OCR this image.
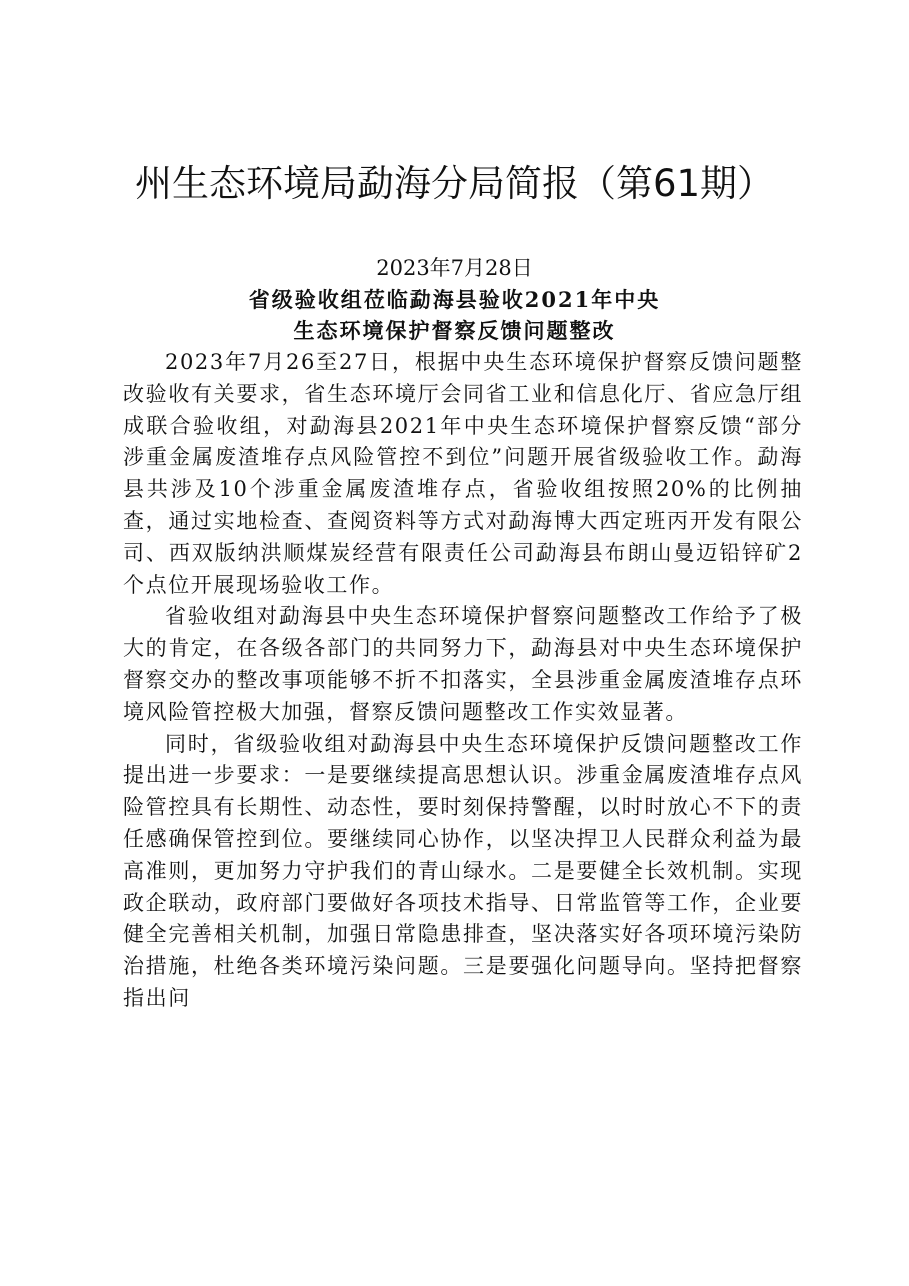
州生态环境局勐海分局简报（第61期）

2023年7月28日

省级验收组莅临勐海县验收2021年中央

生态环境保护督察反馈问题整改

2023年7月26至27日，根据中央生态环境保护督察反馈问题整改验收有关要求，省生态环境厅会同省工业和信息化厅、省应急厅组成联合验收组，对勐海县2021年中央生态环境保护督察反馈“部分涉重金属废渣堆存点风险管控不到位”问题开展省级验收工作。勐海县共涉及10个涉重金属废渣堆存点，省验收组按照20%的比例抽查，通过实地检查、查阅资料等方式对勐海博大西定班丙开发有限公司、西双版纳洪顺煤炭经营有限责任公司勐海县布朗山曼迈铅锌矿2个点位开展现场验收工作。

省验收组对勐海县中央生态环境保护督察问题整改工作给予了极大的肯定，在各级各部门的共同努力下，勐海县对中央生态环境保护督察交办的整改事项能够不折不扣落实，全县涉重金属废渣堆存点环境风险管控极大加强，督察反馈问题整改工作实效显著。

同时，省级验收组对勐海县中央生态环境保护反馈问题整改工作提出进一步要求：一是要继续提高思想认识。涉重金属废渣堆存点风险管控具有长期性、动态性，要时刻保持警醒，以时时放心不下的责任感确保管控到位。要继续同心协作，以坚决捍卫人民群众利益为最高准则，更加努力守护我们的青山绿水。二是要健全长效机制。实现政企联动，政府部门要做好各项技术指导、日常监管等工作，企业要健全完善相关机制，加强日常隐患排查，坚决落实好各项环境污染防治措施，杜绝各类环境污染问题。三是要强化问题导向。坚持把督察指出问
